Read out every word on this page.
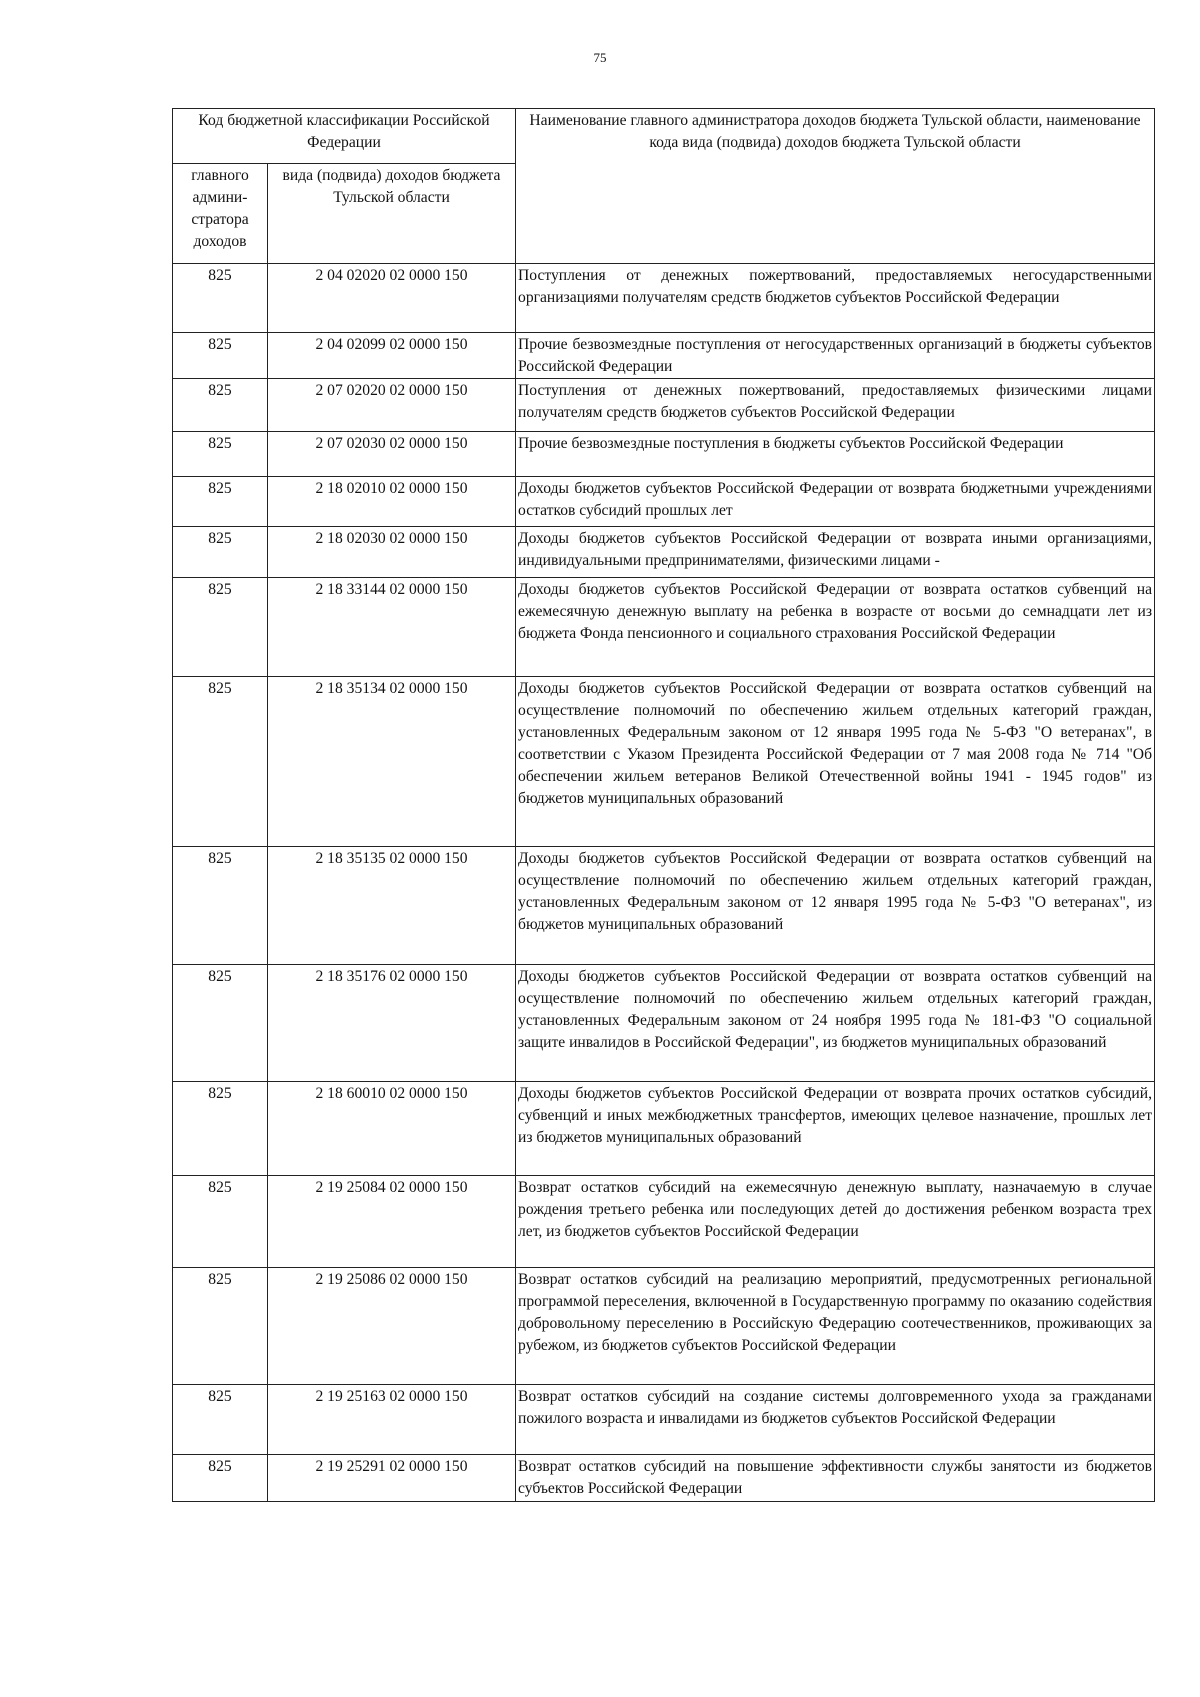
75
Код бюджетной классификации Российской Федерации		Наименование главного администратора доходов бюджета Тульской области, наименование кода вида (подвида) доходов бюджета Тульской области
главного админи-стратора доходов	вида (подвида) доходов бюджета Тульской области	
825	2 04 02020 02 0000 150	Поступления от денежных пожертвований, предоставляемых негосударственными организациями получателям средств бюджетов субъектов Российской Федерации

825	2 04 02099 02 0000 150	Прочие безвозмездные поступления от негосударственных организаций в бюджеты субъектов Российской Федерации

825	2 07 02020 02 0000 150	Поступления от денежных пожертвований, предоставляемых физическими лицами получателям средств бюджетов субъектов Российской Федерации

825	2 07 02030 02 0000 150	Прочие безвозмездные поступления в бюджеты субъектов Российской Федерации

825	2 18 02010 02 0000 150	Доходы бюджетов субъектов Российской Федерации от возврата бюджетными учреждениями остатков субсидий прошлых лет

825	2 18 02030 02 0000 150	Доходы бюджетов субъектов Российской Федерации от возврата иными организациями, индивидуальными предпринимателями, физическими лицами -

825	2 18 33144 02 0000 150	Доходы бюджетов субъектов Российской Федерации от возврата остатков субвенций на ежемесячную денежную выплату на ребенка в возрасте от восьми до семнадцати лет из бюджета Фонда пенсионного и социального страхования Российской Федерации

825	2 18 35134 02 0000 150	Доходы бюджетов субъектов Российской Федерации от возврата остатков субвенций на осуществление полномочий по обеспечению жильем отдельных категорий граждан, установленных Федеральным законом от 12 января 1995 года № 5-ФЗ "О ветеранах", в соответствии с Указом Президента Российской Федерации от 7 мая 2008 года № 714 "Об обеспечении жильем ветеранов Великой Отечественной войны 1941 - 1945 годов" из бюджетов муниципальных образований

825	2 18 35135 02 0000 150	Доходы бюджетов субъектов Российской Федерации от возврата остатков субвенций на осуществление полномочий по обеспечению жильем отдельных категорий граждан, установленных Федеральным законом от 12 января 1995 года № 5-ФЗ "О ветеранах", из бюджетов муниципальных образований

825	2 18 35176 02 0000 150	Доходы бюджетов субъектов Российской Федерации от возврата остатков субвенций на осуществление полномочий по обеспечению жильем отдельных категорий граждан, установленных Федеральным законом от 24 ноября 1995 года № 181-ФЗ "О социальной защите инвалидов в Российской Федерации", из бюджетов муниципальных образований

825	2 18 60010 02 0000 150	Доходы бюджетов субъектов Российской Федерации от возврата прочих остатков субсидий, субвенций и иных межбюджетных трансфертов, имеющих целевое назначение, прошлых лет из бюджетов муниципальных образований

825	2 19 25084 02 0000 150	Возврат остатков субсидий на ежемесячную денежную выплату, назначаемую в случае рождения третьего ребенка или последующих детей до достижения ребенком возраста трех лет, из бюджетов субъектов Российской Федерации

825	2 19 25086 02 0000 150	Возврат остатков субсидий на реализацию мероприятий, предусмотренных региональной программой переселения, включенной в Государственную программу по оказанию содействия добровольному переселению в Российскую Федерацию соотечественников, проживающих за рубежом, из бюджетов субъектов Российской Федерации

825	2 19 25163 02 0000 150	Возврат остатков субсидий на создание системы долговременного ухода за гражданами пожилого возраста и инвалидами из бюджетов субъектов Российской Федерации

825	2 19 25291 02 0000 150	Возврат остатков субсидий на повышение эффективности службы занятости из бюджетов субъектов Российской Федерации
